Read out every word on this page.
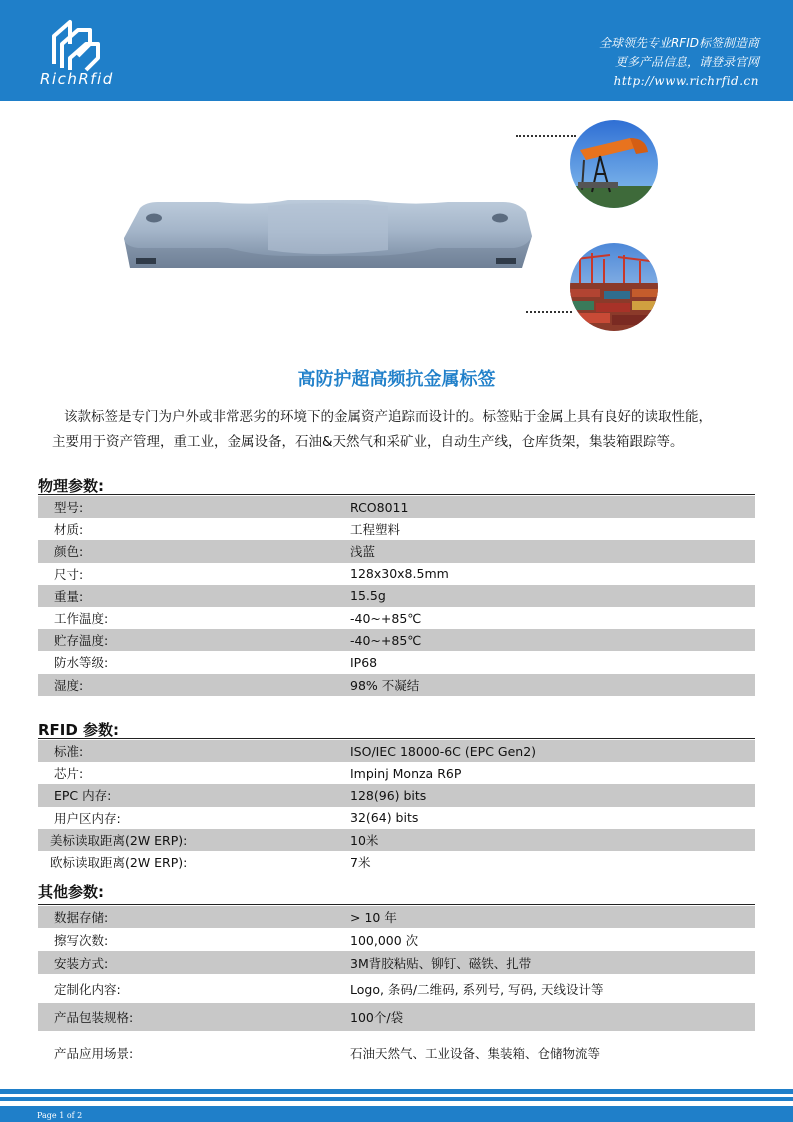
RichRfid
全球领先专业RFID标签制造商
更多产品信息，请登录官网
http://www.richrfid.cn
高防护超高频抗金属标签
该款标签是专门为户外或非常恶劣的环境下的金属资产追踪而设计的。标签贴于金属上具有良好的读取性能，
主要用于资产管理，重工业，金属设备，石油&天然气和采矿业，自动生产线，仓库货架，集装箱跟踪等。
物理参数:
型号:	RCO8011
材质:	工程塑料
颜色:	浅蓝
尺寸:	128x30x8.5mm
重量:	15.5g
工作温度:	-40~+85℃
贮存温度:	-40~+85℃
防水等级:	IP68
湿度:	98% 不凝结
RFID 参数:
标准:	ISO/IEC 18000-6C (EPC Gen2)
芯片:	Impinj Monza R6P
EPC 内存:	128(96) bits
用户区内存:	32(64) bits
美标读取距离(2W ERP):	10米
欧标读取距离(2W ERP):	7米
其他参数:
数据存储:	> 10 年
擦写次数:	100,000 次
安装方式:	3M背胶粘贴、铆钉、磁铁、扎带
定制化内容:	Logo, 条码/二维码, 系列号, 写码, 天线设计等
产品包装规格:	100个/袋
产品应用场景:	石油天然气、工业设备、集装箱、仓储物流等
Page 1 of 2
